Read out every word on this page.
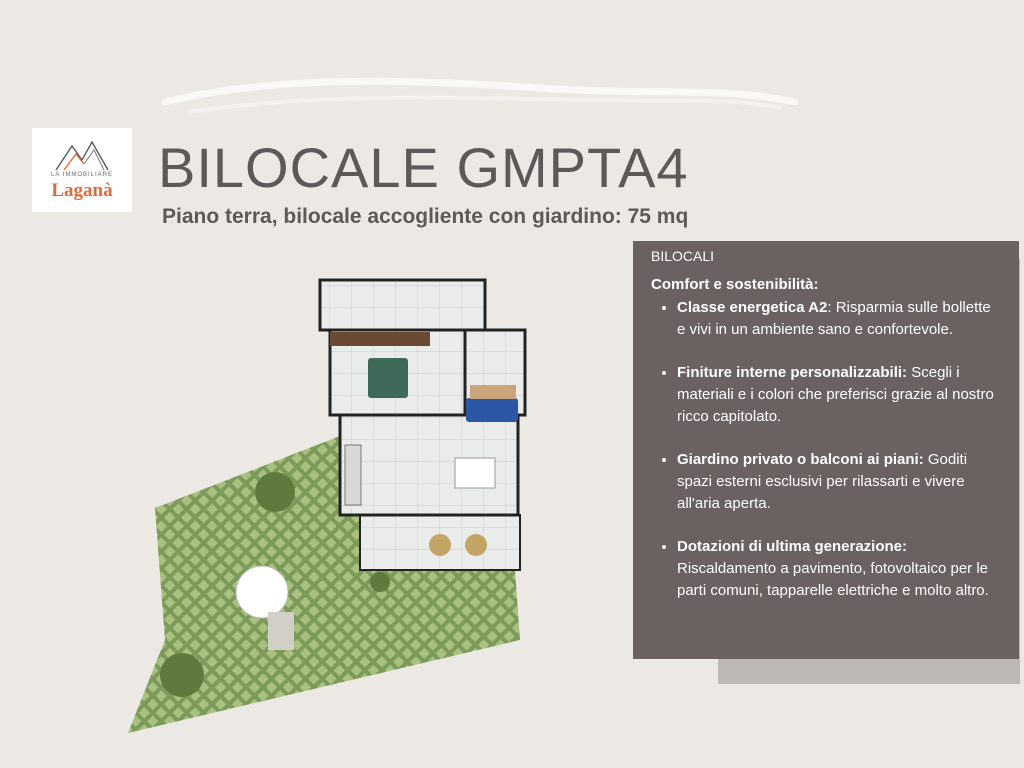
LA IMMOBILIARE
Laganà BILOCALE GMPTA4
Piano terra, bilocale accogliente con giardino: 75 mq
BILOCALI
Comfort e sostenibilità:
• Classe energetica A2: Risparmia sulle bollette e vivi in un ambiente sano e confortevole.
• Finiture interne personalizzabili: Scegli i materiali e i colori che preferisci grazie al nostro ricco capitolato.
• Giardino privato o balconi ai piani: Goditi spazi esterni esclusivi per rilassarti e vivere all'aria aperta.
• Dotazioni di ultima generazione: Riscaldamento a pavimento, fotovoltaico per le parti comuni, tapparelle elettriche e molto altro.
